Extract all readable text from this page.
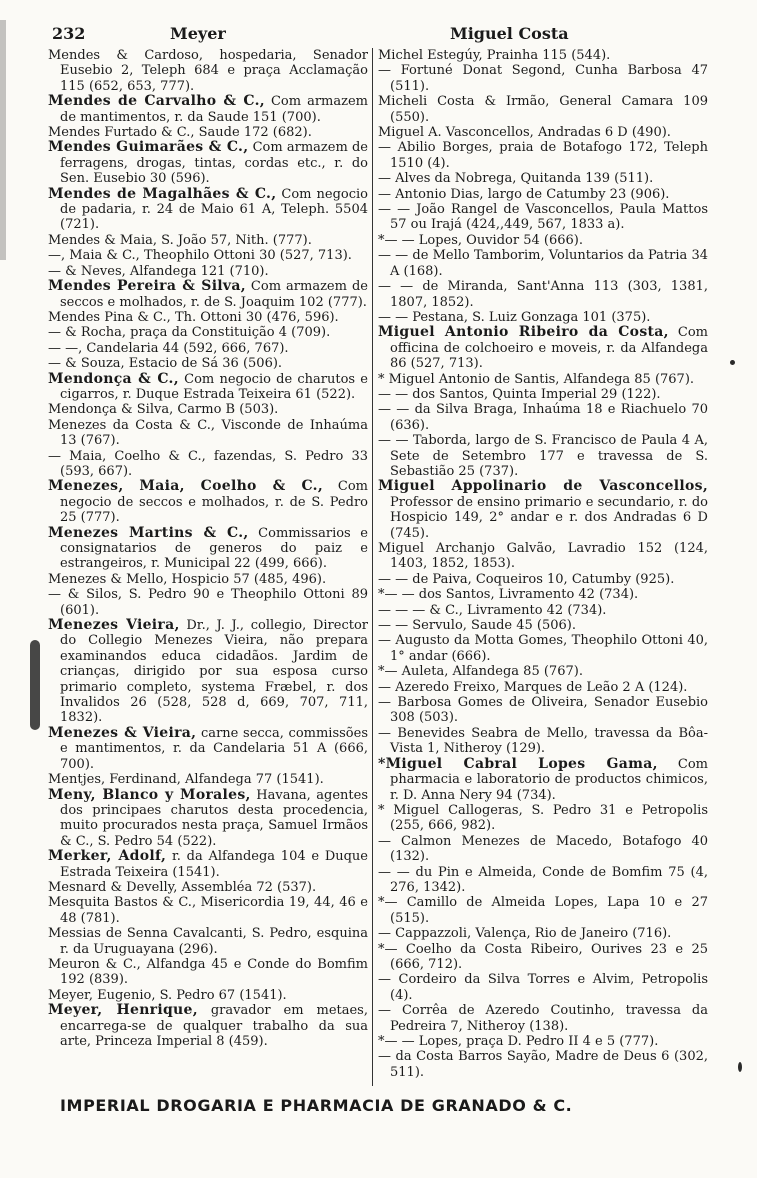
232	Meyer	Miguel Costa

Mendes & Cardoso, hospedaria, Senador Eusebio 2, Teleph 684 e praça Acclamação 115 (652, 653, 777).

Mendes de Carvalho & C., Com armazem de mantimentos, r. da Saude 151 (700).

Mendes Furtado & C., Saude 172 (682).

Mendes Guimarães & C., Com armazem de ferragens, drogas, tintas, cordas etc., r. do Sen. Eusebio 30 (596).

Mendes de Magalhães & C., Com negocio de padaria, r. 24 de Maio 61 A, Teleph. 5504 (721).

Mendes & Maia, S. João 57, Nith. (777).

—, Maia & C., Theophilo Ottoni 30 (527, 713).

— & Neves, Alfandega 121 (710).

Mendes Pereira & Silva, Com armazem de seccos e molhados, r. de S. Joaquim 102 (777).

Mendes Pina & C., Th. Ottoni 30 (476, 596).

— & Rocha, praça da Constituição 4 (709).

— —, Candelaria 44 (592, 666, 767).

— & Souza, Estacio de Sá 36 (506).

Mendonça & C., Com negocio de charutos e cigarros, r. Duque Estrada Teixeira 61 (522).

Mendonça & Silva, Carmo B (503).

Menezes da Costa & C., Visconde de Inhaúma 13 (767).

— Maia, Coelho & C., fazendas, S. Pedro 33 (593, 667).

Menezes, Maia, Coelho & C., Com negocio de seccos e molhados, r. de S. Pedro 25 (777).

Menezes Martins & C., Commissarios e consignatarios de generos do paiz e estrangeiros, r. Municipal 22 (499, 666).

Menezes & Mello, Hospicio 57 (485, 496).

— & Silos, S. Pedro 90 e Theophilo Ottoni 89 (601).

Menezes Vieira, Dr., J. J., collegio, Director do Collegio Menezes Vieira, não prepara examinandos educa cidadãos. Jardim de crianças, dirigido por sua esposa curso primario completo, systema Fræbel, r. dos Invalidos 26 (528, 528 d, 669, 707, 711, 1832).

Menezes & Vieira, carne secca, commissões e mantimentos, r. da Candelaria 51 A (666, 700).

Mentjes, Ferdinand, Alfandega 77 (1541).

Meny, Blanco y Morales, Havana, agentes dos principaes charutos desta procedencia, muito procurados nesta praça, Samuel Irmãos & C., S. Pedro 54 (522).

Merker, Adolf, r. da Alfandega 104 e Duque Estrada Teixeira (1541).

Mesnard & Develly, Assembléa 72 (537).

Mesquita Bastos & C., Misericordia 19, 44, 46 e 48 (781).

Messias de Senna Cavalcanti, S. Pedro, esquina r. da Uruguayana (296).

Meuron & C., Alfandga 45 e Conde do Bomfim 192 (839).

Meyer, Eugenio, S. Pedro 67 (1541).

Meyer, Henrique, gravador em metaes, encarrega-se de qualquer trabalho da sua arte, Princeza Imperial 8 (459).

Michel Estegúy, Prainha 115 (544).

— Fortuné Donat Segond, Cunha Barbosa 47 (511).

Micheli Costa & Irmão, General Camara 109 (550).

Miguel A. Vasconcellos, Andradas 6 D (490).

— Abilio Borges, praia de Botafogo 172, Teleph 1510 (4).

— Alves da Nobrega, Quitanda 139 (511).

— Antonio Dias, largo de Catumby 23 (906).

— — João Rangel de Vasconcellos, Paula Mattos 57 ou Irajá (424,,449, 567, 1833 a).

*— — Lopes, Ouvidor 54 (666).

— — de Mello Tamborim, Voluntarios da Patria 34 A (168).

— — de Miranda, Sant'Anna 113 (303, 1381, 1807, 1852).

— — Pestana, S. Luiz Gonzaga 101 (375).

Miguel Antonio Ribeiro da Costa, Com officina de colchoeiro e moveis, r. da Alfandega 86 (527, 713).

* Miguel Antonio de Santis, Alfandega 85 (767).

— — dos Santos, Quinta Imperial 29 (122).

— — da Silva Braga, Inhaúma 18 e Riachuelo 70 (636).

— — Taborda, largo de S. Francisco de Paula 4 A, Sete de Setembro 177 e travessa de S. Sebastião 25 (737).

Miguel Appolinario de Vasconcellos, Professor de ensino primario e secundario, r. do Hospicio 149, 2° andar e r. dos Andradas 6 D (745).

Miguel Archanjo Galvão, Lavradio 152 (124, 1403, 1852, 1853).

— — de Paiva, Coqueiros 10, Catumby (925).

*— — dos Santos, Livramento 42 (734).

— — — & C., Livramento 42 (734).

— — Servulo, Saude 45 (506).

— Augusto da Motta Gomes, Theophilo Ottoni 40, 1° andar (666).

*— Auleta, Alfandega 85 (767).

— Azeredo Freixo, Marques de Leão 2 A (124).

— Barbosa Gomes de Oliveira, Senador Eusebio 308 (503).

— Benevides Seabra de Mello, travessa da Bôa-Vista 1, Nitheroy (129).

*Miguel Cabral Lopes Gama, Com pharmacia e laboratorio de productos chimicos, r. D. Anna Nery 94 (734).

* Miguel Callogeras, S. Pedro 31 e Petropolis (255, 666, 982).

— Calmon Menezes de Macedo, Botafogo 40 (132).

— — du Pin e Almeida, Conde de Bomfim 75 (4, 276, 1342).

*— Camillo de Almeida Lopes, Lapa 10 e 27 (515).

— Cappazzoli, Valença, Rio de Janeiro (716).

*— Coelho da Costa Ribeiro, Ourives 23 e 25 (666, 712).

— Cordeiro da Silva Torres e Alvim, Petropolis (4).

— Corrêa de Azeredo Coutinho, travessa da Pedreira 7, Nitheroy (138).

*— — Lopes, praça D. Pedro II 4 e 5 (777).

— da Costa Barros Sayão, Madre de Deus 6 (302, 511).

IMPERIAL DROGARIA E PHARMACIA DE GRANADO & C.
